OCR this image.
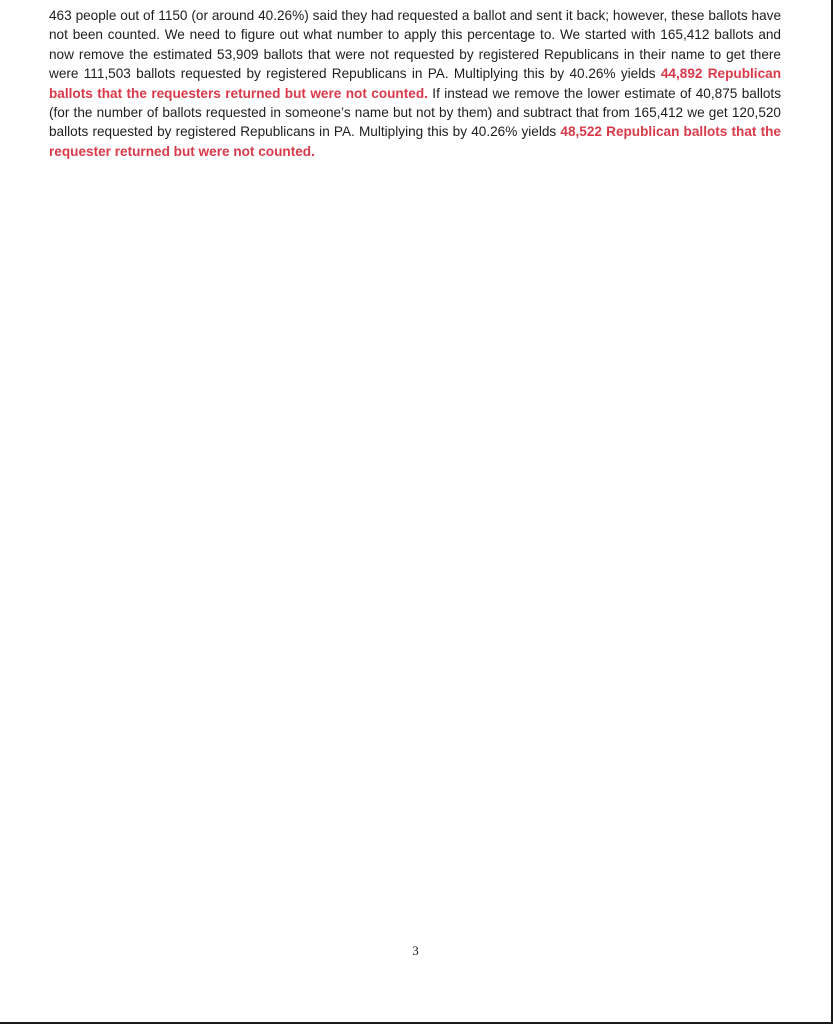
463 people out of 1150 (or around 40.26%) said they had requested a ballot and sent it back; however, these ballots have not been counted. We need to figure out what number to apply this percentage to. We started with 165,412 ballots and now remove the estimated 53,909 ballots that were not requested by registered Republicans in their name to get there were 111,503 ballots requested by registered Republicans in PA. Multiplying this by 40.26% yields 44,892 Republican ballots that the requesters returned but were not counted. If instead we remove the lower estimate of 40,875 ballots (for the number of ballots requested in someone’s name but not by them) and subtract that from 165,412 we get 120,520 ballots requested by registered Republicans in PA. Multiplying this by 40.26% yields 48,522 Republican ballots that the requester returned but were not counted.

3
